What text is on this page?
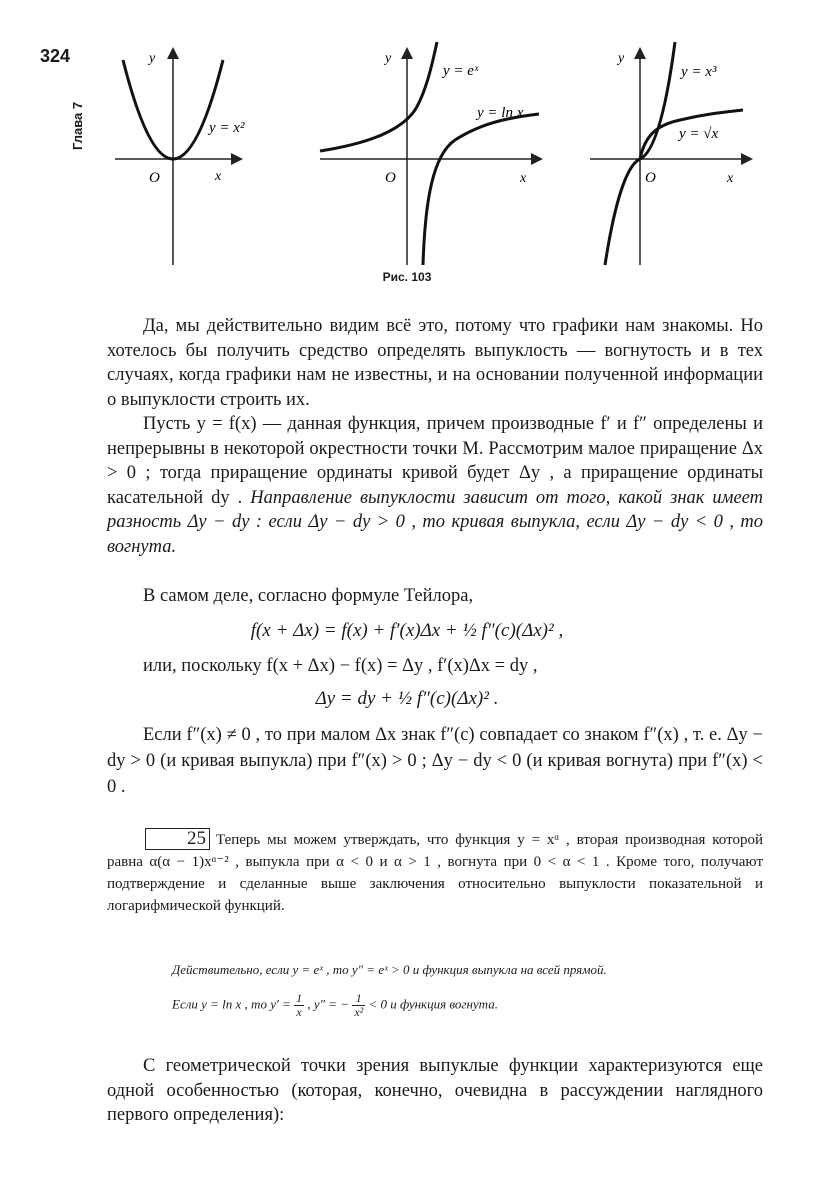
324
Глава 7
y
x
O
y = x²
y
x
O
y = eˣ
y = ln x
y
x
O
y = x³
y = √x
Рис. 103

Да, мы действительно видим всё это, потому что графики нам знакомы. Но хотелось бы получить средство определять выпуклость — вогнутость и в тех случаях, когда графики нам не известны, и на основании полученной информации о выпуклости строить их.

Пусть y = f(x) — данная функция, причем производные f′ и f″ определены и непрерывны в некоторой окрестности точки M. Рассмотрим малое приращение Δx > 0 ; тогда приращение ординаты кривой будет Δy , а приращение ординаты касательной dy . Направление выпуклости зависит от того, какой знак имеет разность Δy − dy : если Δy − dy > 0 , то кривая выпукла, если Δy − dy < 0 , то вогнута.

В самом деле, согласно формуле Тейлора,

f(x + Δx) = f(x) + f′(x)Δx + ½ f″(c)(Δx)² ,

или, поскольку f(x + Δx) − f(x) = Δy , f′(x)Δx = dy ,

Δy = dy + ½ f″(c)(Δx)² .

Если f″(x) ≠ 0 , то при малом Δx знак f″(c) совпадает со знаком f″(x) , т. е. Δy − dy > 0 (и кривая выпукла) при f″(x) > 0 ; Δy − dy < 0 (и кривая вогнута) при f″(x) < 0 .

25 Теперь мы можем утверждать, что функция y = xᵅ , вторая производная которой равна α(α − 1)xᵅ⁻² , выпукла при α < 0 и α > 1 , вогнута при 0 < α < 1 . Кроме того, получают подтверждение и сделанные выше заключения относительно выпуклости показательной и логарифмической функций.

Действительно, если y = eˣ , то y″ = eˣ > 0 и функция выпукла на всей прямой.
Если y = ln x , то $y' = \frac{1}{x}$ , y″ = − $\frac{1}{\text{x²}} < 0$ и функция вогнута.

С геометрической точки зрения выпуклые функции характеризуются еще одной особенностью (которая, конечно, очевидна в рассуждении наглядного первого определения):
